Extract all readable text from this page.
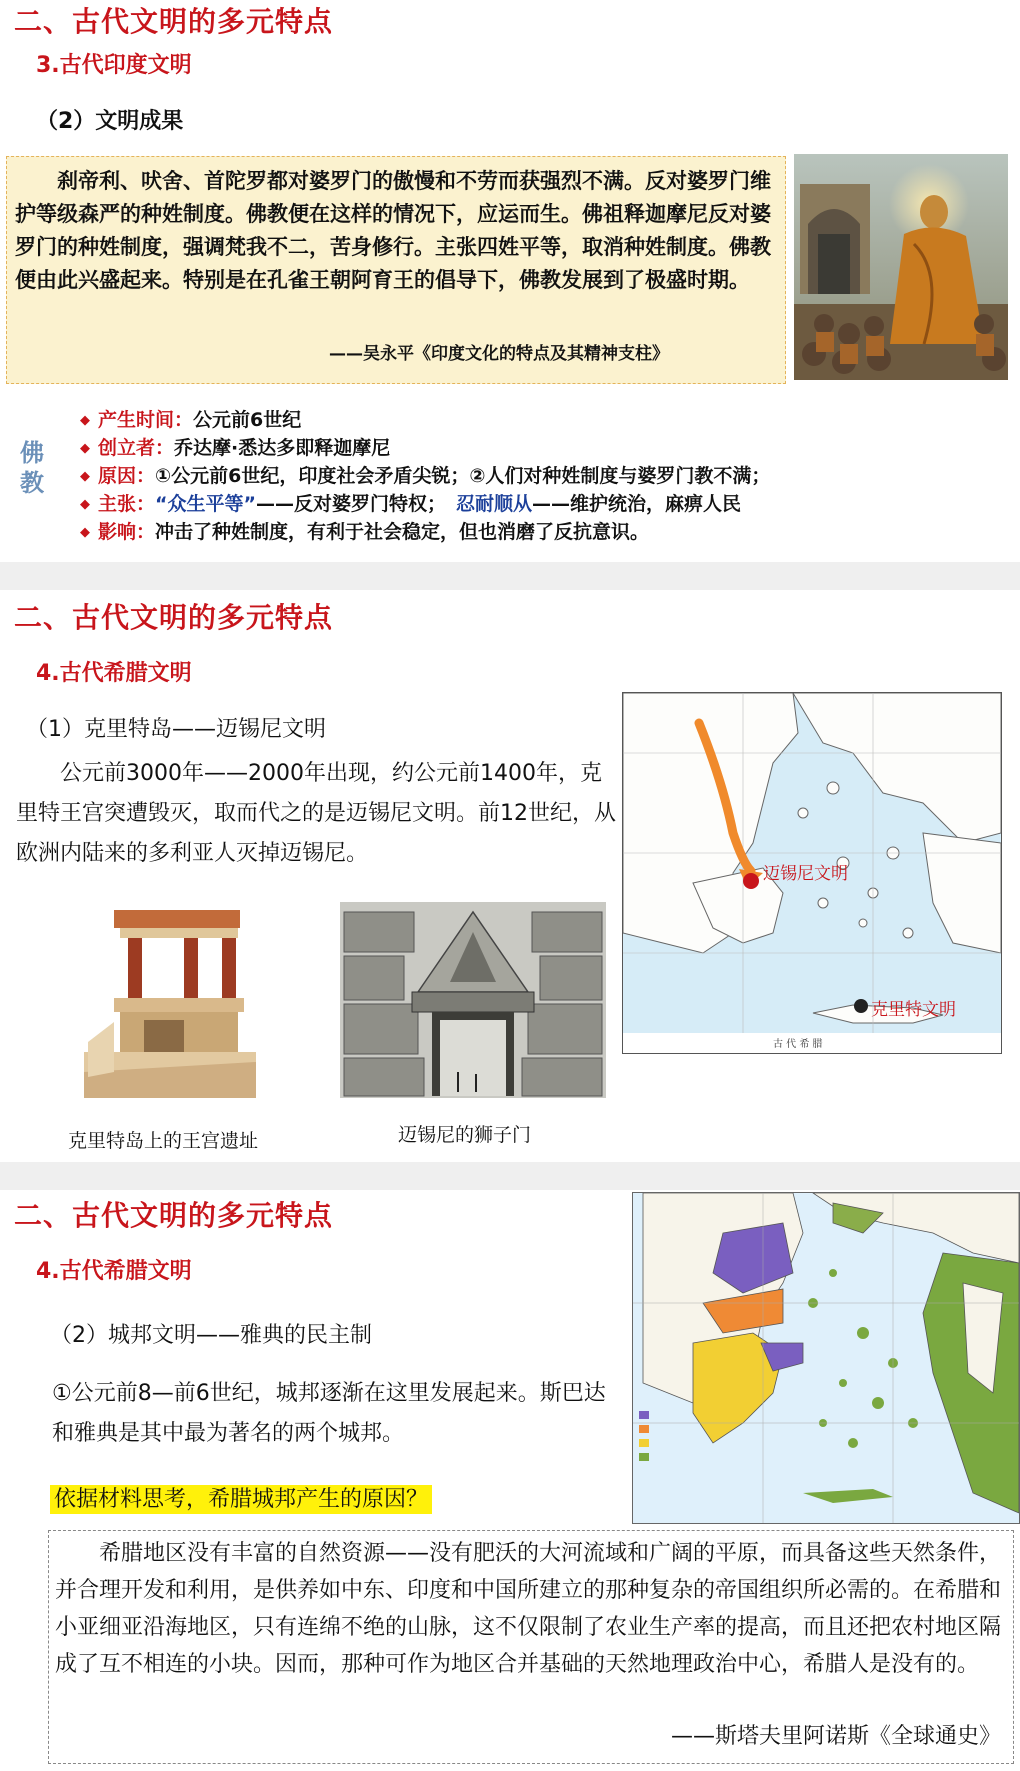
二、古代文明的多元特点
3.古代印度文明
（2）文明成果
刹帝利、吠舍、首陀罗都对婆罗门的傲慢和不劳而获强烈不满。反对婆罗门维护等级森严的种姓制度。佛教便在这样的情况下，应运而生。佛祖释迦摩尼反对婆罗门的种姓制度，强调梵我不二，苦身修行。主张四姓平等，取消种姓制度。佛教便由此兴盛起来。特别是在孔雀王朝阿育王的倡导下，佛教发展到了极盛时期。
——吴永平《印度文化的特点及其精神支柱》
佛教
◆ 产生时间：公元前6世纪
◆ 创立者：乔达摩·悉达多即释迦摩尼
◆ 原因：①公元前6世纪，印度社会矛盾尖锐；②人们对种姓制度与婆罗门教不满；
◆ 主张：“众生平等”——反对婆罗门特权； 忍耐顺从——维护统治，麻痹人民
◆ 影响：冲击了种姓制度，有利于社会稳定，但也消磨了反抗意识。
二、古代文明的多元特点
4.古代希腊文明
（1）克里特岛——迈锡尼文明
公元前3000年——2000年出现，约公元前1400年，克里特王宫突遭毁灭，取而代之的是迈锡尼文明。前12世纪，从欧洲内陆来的多利亚人灭掉迈锡尼。
克里特岛上的王宫遗址	迈锡尼的狮子门
迈锡尼文明
克里特文明
古 代 希 腊
二、古代文明的多元特点
4.古代希腊文明
（2）城邦文明——雅典的民主制
①公元前8—前6世纪，城邦逐渐在这里发展起来。斯巴达和雅典是其中最为著名的两个城邦。
依据材料思考，希腊城邦产生的原因？
希腊地区没有丰富的自然资源——没有肥沃的大河流域和广阔的平原，而具备这些天然条件，并合理开发和利用，是供养如中东、印度和中国所建立的那种复杂的帝国组织所必需的。在希腊和小亚细亚沿海地区，只有连绵不绝的山脉，这不仅限制了农业生产率的提高，而且还把农村地区隔成了互不相连的小块。因而，那种可作为地区合并基础的天然地理政治中心，希腊人是没有的。
——斯塔夫里阿诺斯《全球通史》
